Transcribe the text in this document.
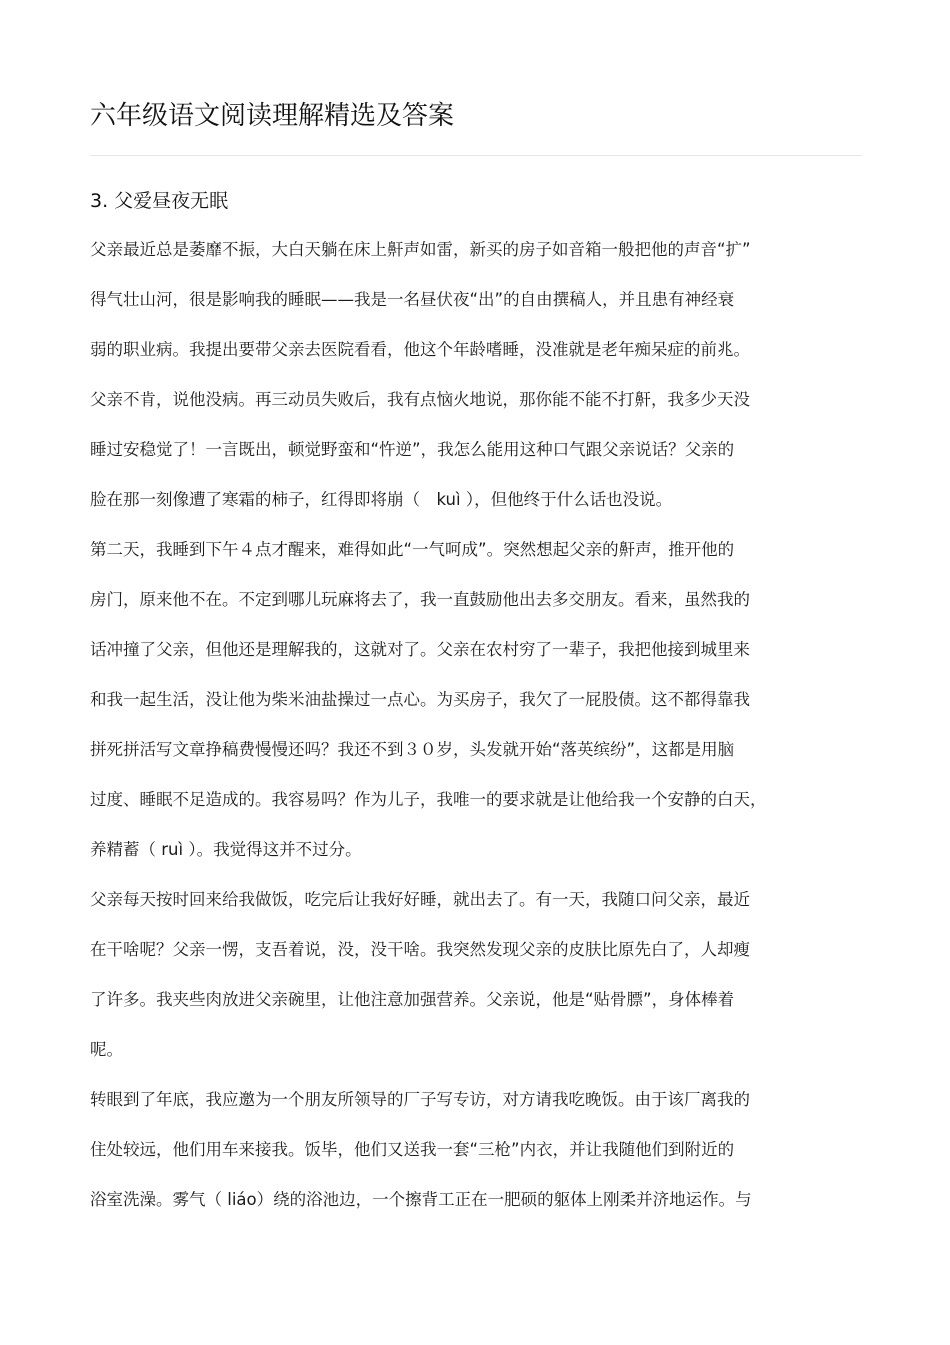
六年级语文阅读理解精选及答案
3. 父爱昼夜无眠
父亲最近总是萎靡不振，大白天躺在床上鼾声如雷，新买的房子如音箱一般把他的声音“扩”
得气壮山河，很是影响我的睡眠——我是一名昼伏夜“出”的自由撰稿人，并且患有神经衰
弱的职业病。我提出要带父亲去医院看看，他这个年龄嗜睡，没准就是老年痴呆症的前兆。
父亲不肯，说他没病。再三动员失败后，我有点恼火地说，那你能不能不打鼾，我多少天没
睡过安稳觉了！一言既出，顿觉野蛮和“忤逆”，我怎么能用这种口气跟父亲说话？父亲的
脸在那一刻像遭了寒霜的柿子，红得即将崩（　kuì ），但他终于什么话也没说。
第二天，我睡到下午４点才醒来，难得如此“一气呵成”。突然想起父亲的鼾声，推开他的
房门，原来他不在。不定到哪儿玩麻将去了，我一直鼓励他出去多交朋友。看来，虽然我的
话冲撞了父亲，但他还是理解我的，这就对了。父亲在农村穷了一辈子，我把他接到城里来
和我一起生活，没让他为柴米油盐操过一点心。为买房子，我欠了一屁股债。这不都得靠我
拼死拼活写文章挣稿费慢慢还吗？我还不到３０岁，头发就开始“落英缤纷”，这都是用脑
过度、睡眠不足造成的。我容易吗？作为儿子，我唯一的要求就是让他给我一个安静的白天，
养精蓄（ ruì ）。我觉得这并不过分。
父亲每天按时回来给我做饭，吃完后让我好好睡，就出去了。有一天，我随口问父亲，最近
在干啥呢？父亲一愣，支吾着说，没，没干啥。我突然发现父亲的皮肤比原先白了，人却瘦
了许多。我夹些肉放进父亲碗里，让他注意加强营养。父亲说，他是“贴骨膘”，身体棒着
呢。
转眼到了年底，我应邀为一个朋友所领导的厂子写专访，对方请我吃晚饭。由于该厂离我的
住处较远，他们用车来接我。饭毕，他们又送我一套“三枪”内衣，并让我随他们到附近的
浴室洗澡。雾气（ liáo）绕的浴池边，一个擦背工正在一肥硕的躯体上刚柔并济地运作。与
